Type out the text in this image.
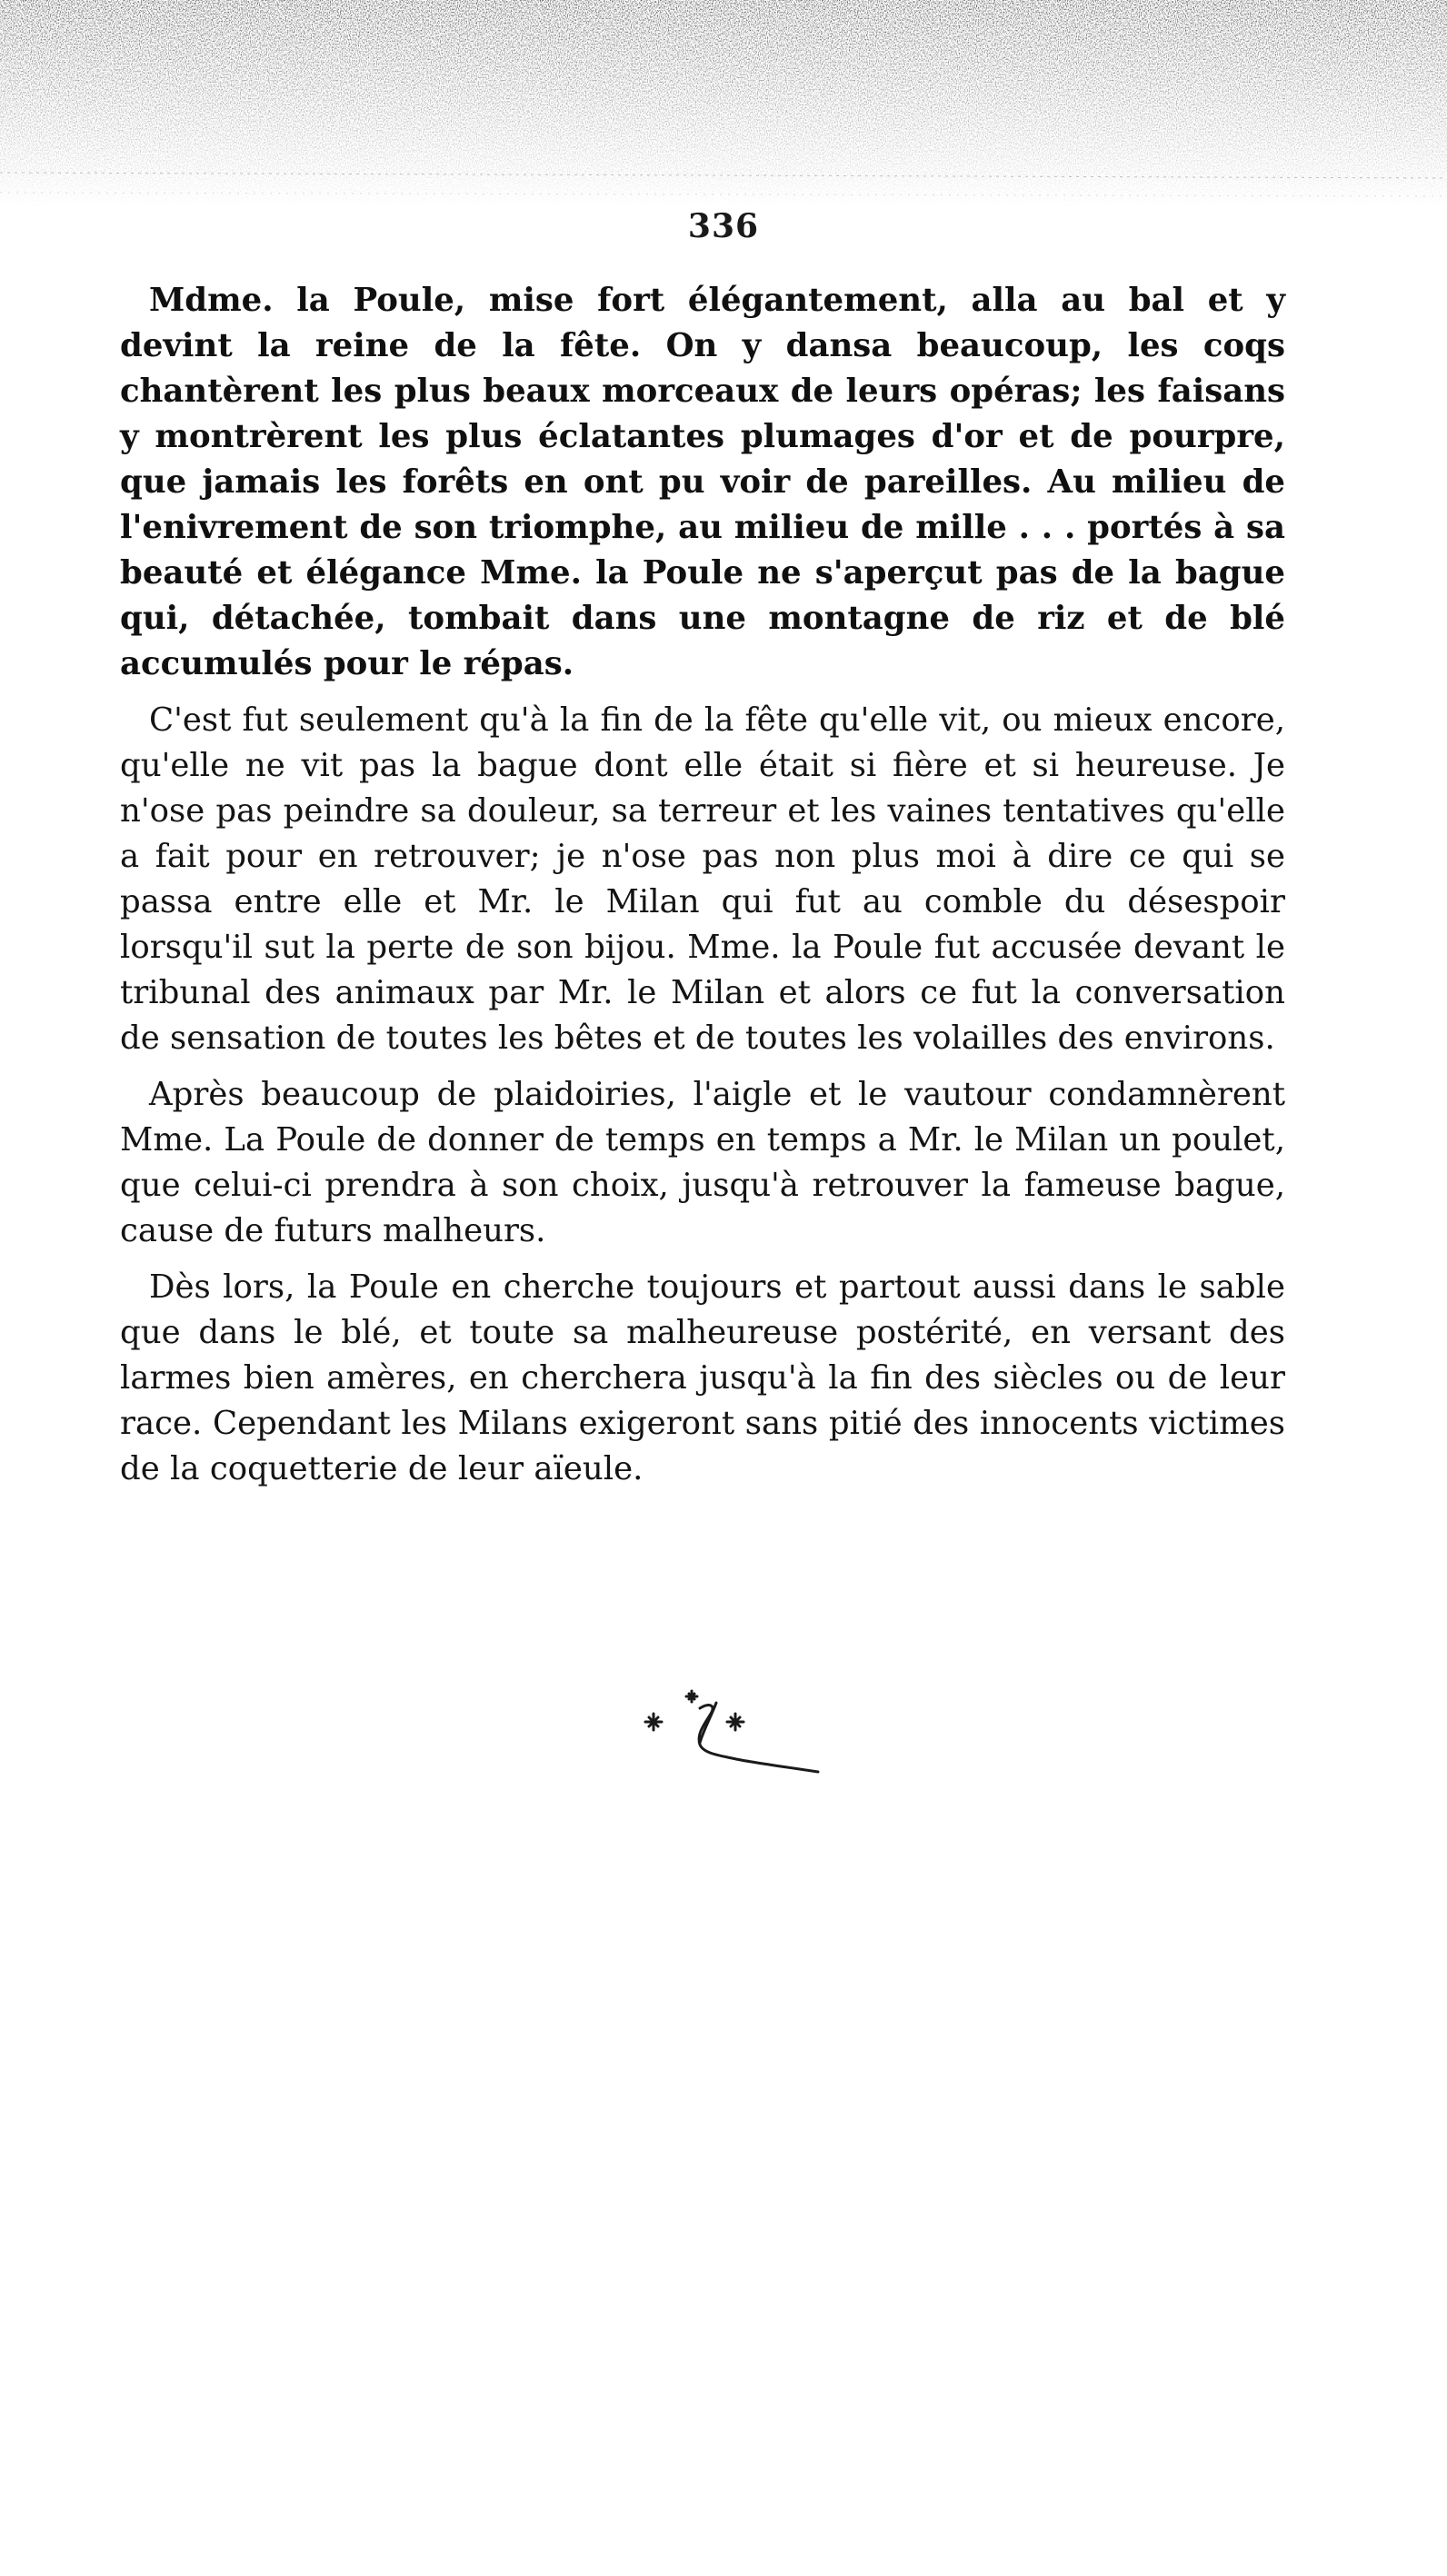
336

Mdme. la Poule, mise fort élégantement, alla au bal et y devint la reine de la fête. On y dansa beaucoup, les coqs chantèrent les plus beaux morceaux de leurs opéras; les faisans y montrèrent les plus éclatantes plumages d'or et de pourpre, que jamais les forêts en ont pu voir de pareilles. Au milieu de l'enivrement de son triomphe, au milieu de mille . . . portés à sa beauté et élégance Mme. la Poule ne s'aperçut pas de la bague qui, détachée, tombait dans une montagne de riz et de blé accumulés pour le répas.

C'est fut seulement qu'à la fin de la fête qu'elle vit, ou mieux encore, qu'elle ne vit pas la bague dont elle était si fière et si heureuse. Je n'ose pas peindre sa douleur, sa terreur et les vaines tentatives qu'elle a fait pour en retrouver; je n'ose pas non plus moi à dire ce qui se passa entre elle et Mr. le Milan qui fut au comble du désespoir lorsqu'il sut la perte de son bijou. Mme. la Poule fut accusée devant le tribunal des animaux par Mr. le Milan et alors ce fut la conversation de sensation de toutes les bêtes et de toutes les volailles des environs.

Après beaucoup de plaidoiries, l'aigle et le vautour condamnèrent Mme. La Poule de donner de temps en temps a Mr. le Milan un poulet, que celui-ci prendra à son choix, jusqu'à retrouver la fameuse bague, cause de futurs malheurs.

Dès lors, la Poule en cherche toujours et partout aussi dans le sable que dans le blé, et toute sa malheureuse postérité, en versant des larmes bien amères, en cherchera jusqu'à la fin des siècles ou de leur race. Cependant les Milans exigeront sans pitié des innocents victimes de la coquetterie de leur aïeule.
